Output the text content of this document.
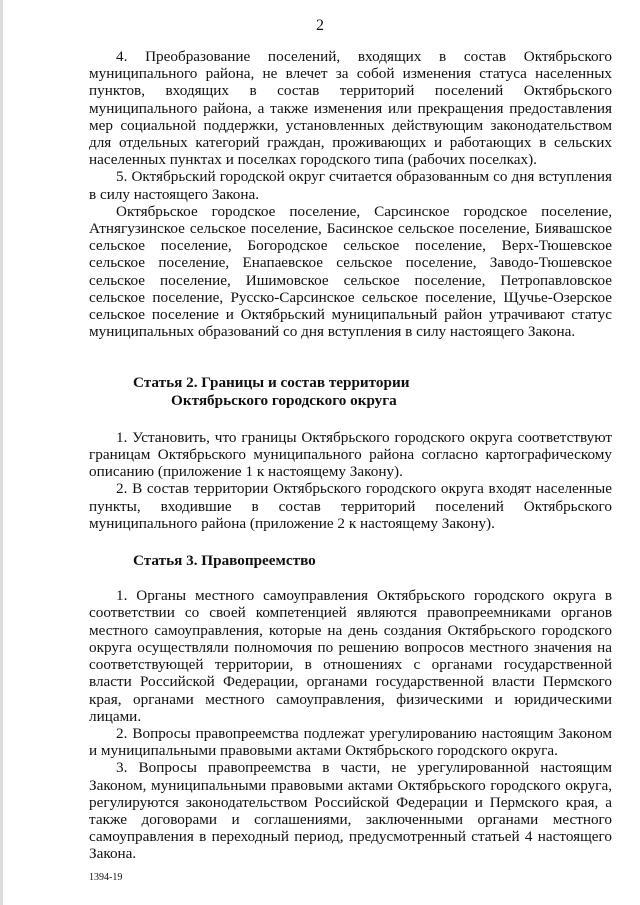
2

4. Преобразование поселений, входящих в состав Октябрьского муниципального района, не влечет за собой изменения статуса населенных пунктов, входящих в состав территорий поселений Октябрьского муниципального района, а также изменения или прекращения предоставления мер социальной поддержки, установленных действующим законодательством для отдельных категорий граждан, проживающих и работающих в сельских населенных пунктах и поселках городского типа (рабочих поселках).

5. Октябрьский городской округ считается образованным со дня вступления в силу настоящего Закона.

Октябрьское городское поселение, Сарсинское городское поселение, Атнягузинское сельское поселение, Басинское сельское поселение, Биявашское сельское поселение, Богородское сельское поселение, Верх-Тюшевское сельское поселение, Енапаевское сельское поселение, Заводо-Тюшевское сельское поселение, Ишимовское сельское поселение, Петропавловское сельское поселение, Русско-Сарсинское сельское поселение, Щучье-Озерское сельское поселение и Октябрьский муниципальный район утрачивают статус муниципальных образований со дня вступления в силу настоящего Закона.

Статья 2. Границы и состав территории
Октябрьского городского округа

1. Установить, что границы Октябрьского городского округа соответствуют границам Октябрьского муниципального района согласно картографическому описанию (приложение 1 к настоящему Закону).

2. В состав территории Октябрьского городского округа входят населенные пункты, входившие в состав территорий поселений Октябрьского муниципального района (приложение 2 к настоящему Закону).

Статья 3. Правопреемство

1. Органы местного самоуправления Октябрьского городского округа в соответствии со своей компетенцией являются правопреемниками органов местного самоуправления, которые на день создания Октябрьского городского округа осуществляли полномочия по решению вопросов местного значения на соответствующей территории, в отношениях с органами государственной власти Российской Федерации, органами государственной власти Пермского края, органами местного самоуправления, физическими и юридическими лицами.

2. Вопросы правопреемства подлежат урегулированию настоящим Законом и муниципальными правовыми актами Октябрьского городского округа.

3. Вопросы правопреемства в части, не урегулированной настоящим Законом, муниципальными правовыми актами Октябрьского городского округа, регулируются законодательством Российской Федерации и Пермского края, а также договорами и соглашениями, заключенными органами местного самоуправления в переходный период, предусмотренный статьей 4 настоящего Закона.

1394-19
